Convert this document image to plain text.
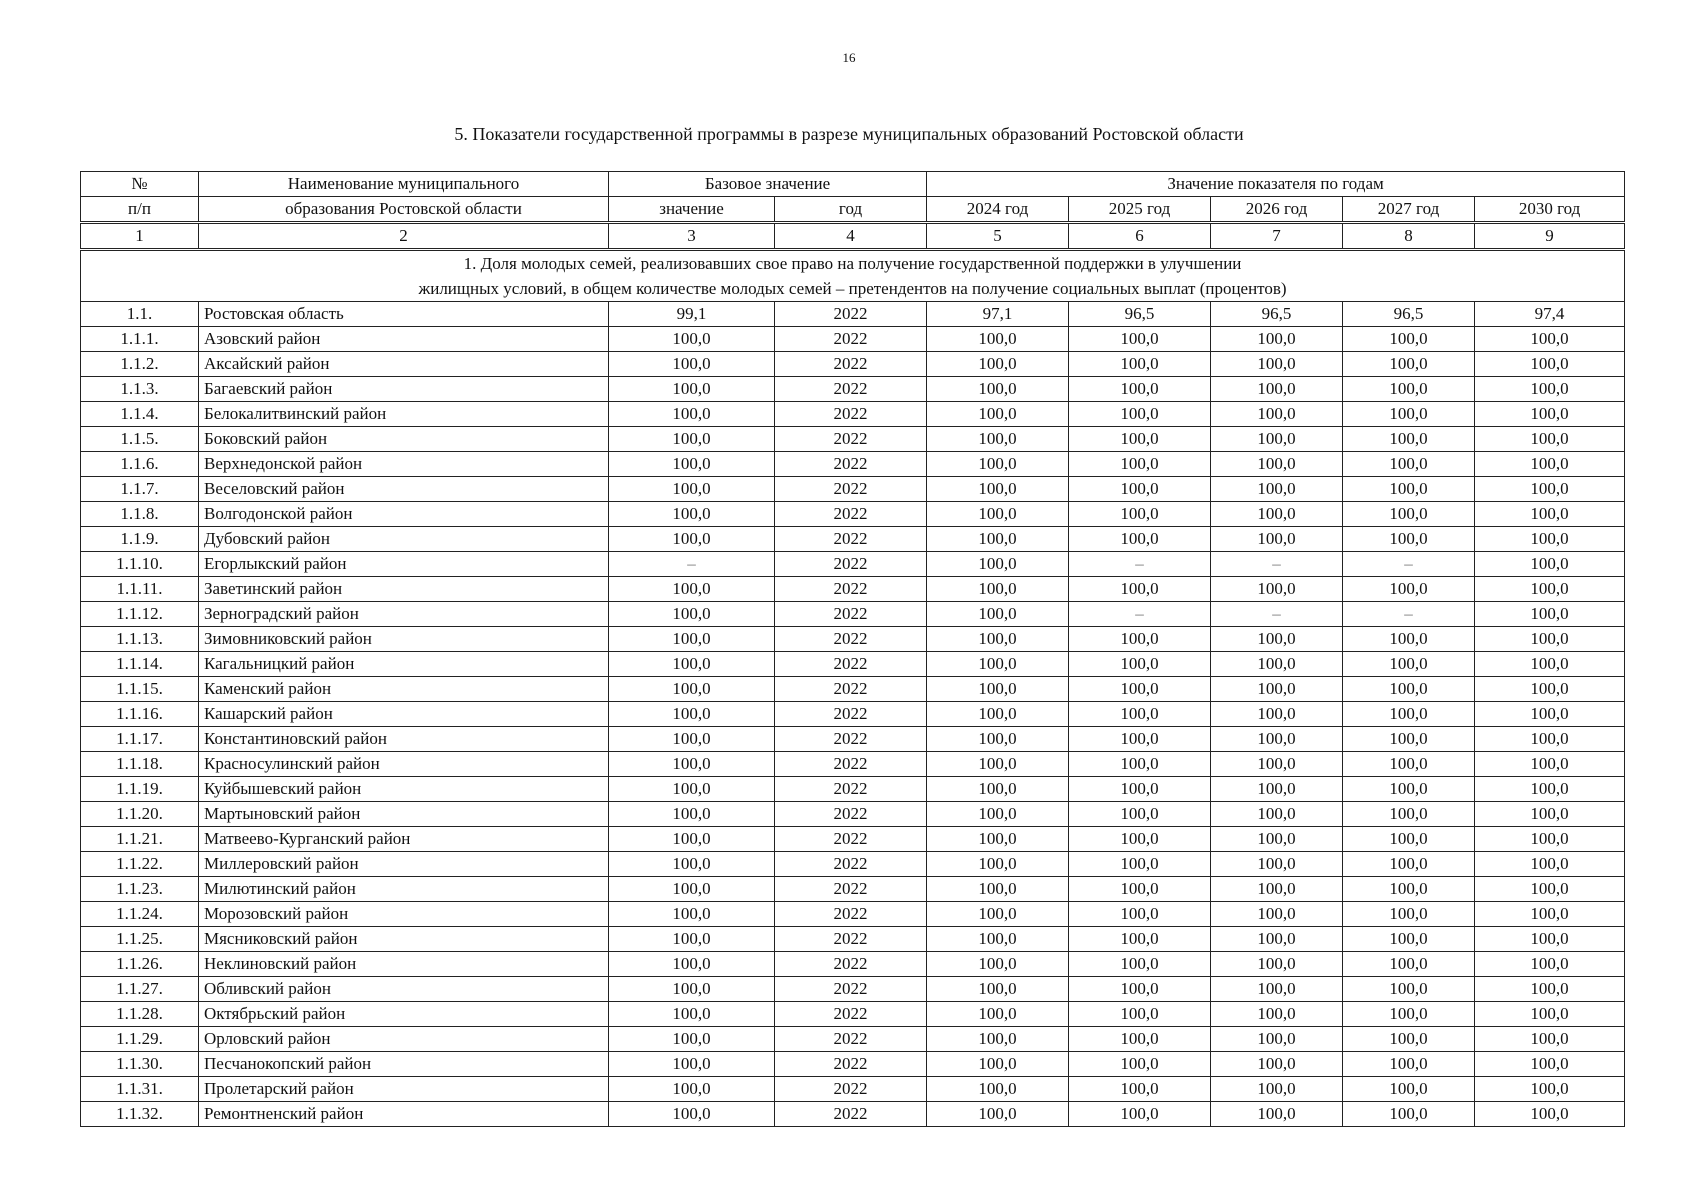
16
5. Показатели государственной программы в разрезе муниципальных образований Ростовской области
№	Наименование муниципального	Базовое значение		Значение показателя по годам				
п/п	образования Ростовской области	значение	год	2024 год	2025 год	2026 год	2027 год	2030 год
1	2	3	4	5	6	7	8	9
1. Доля молодых семей, реализовавших свое право на получение государственной поддержки в улучшении
жилищных условий, в общем количестве молодых семей – претендентов на получение социальных выплат (процентов)								
1.1.	Ростовская область	99,1	2022	97,1	96,5	96,5	96,5	97,4
1.1.1.	Азовский район	100,0	2022	100,0	100,0	100,0	100,0	100,0
1.1.2.	Аксайский район	100,0	2022	100,0	100,0	100,0	100,0	100,0
1.1.3.	Багаевский район	100,0	2022	100,0	100,0	100,0	100,0	100,0
1.1.4.	Белокалитвинский район	100,0	2022	100,0	100,0	100,0	100,0	100,0
1.1.5.	Боковский район	100,0	2022	100,0	100,0	100,0	100,0	100,0
1.1.6.	Верхнедонской район	100,0	2022	100,0	100,0	100,0	100,0	100,0
1.1.7.	Веселовский район	100,0	2022	100,0	100,0	100,0	100,0	100,0
1.1.8.	Волгодонской район	100,0	2022	100,0	100,0	100,0	100,0	100,0
1.1.9.	Дубовский район	100,0	2022	100,0	100,0	100,0	100,0	100,0
1.1.10.	Егорлыкский район	–	2022	100,0	–	–	–	100,0
1.1.11.	Заветинский район	100,0	2022	100,0	100,0	100,0	100,0	100,0
1.1.12.	Зерноградский район	100,0	2022	100,0	–	–	–	100,0
1.1.13.	Зимовниковский район	100,0	2022	100,0	100,0	100,0	100,0	100,0
1.1.14.	Кагальницкий район	100,0	2022	100,0	100,0	100,0	100,0	100,0
1.1.15.	Каменский район	100,0	2022	100,0	100,0	100,0	100,0	100,0
1.1.16.	Кашарский район	100,0	2022	100,0	100,0	100,0	100,0	100,0
1.1.17.	Константиновский район	100,0	2022	100,0	100,0	100,0	100,0	100,0
1.1.18.	Красносулинский район	100,0	2022	100,0	100,0	100,0	100,0	100,0
1.1.19.	Куйбышевский район	100,0	2022	100,0	100,0	100,0	100,0	100,0
1.1.20.	Мартыновский район	100,0	2022	100,0	100,0	100,0	100,0	100,0
1.1.21.	Матвеево-Курганский район	100,0	2022	100,0	100,0	100,0	100,0	100,0
1.1.22.	Миллеровский район	100,0	2022	100,0	100,0	100,0	100,0	100,0
1.1.23.	Милютинский район	100,0	2022	100,0	100,0	100,0	100,0	100,0
1.1.24.	Морозовский район	100,0	2022	100,0	100,0	100,0	100,0	100,0
1.1.25.	Мясниковский район	100,0	2022	100,0	100,0	100,0	100,0	100,0
1.1.26.	Неклиновский район	100,0	2022	100,0	100,0	100,0	100,0	100,0
1.1.27.	Обливский район	100,0	2022	100,0	100,0	100,0	100,0	100,0
1.1.28.	Октябрьский район	100,0	2022	100,0	100,0	100,0	100,0	100,0
1.1.29.	Орловский район	100,0	2022	100,0	100,0	100,0	100,0	100,0
1.1.30.	Песчанокопский район	100,0	2022	100,0	100,0	100,0	100,0	100,0
1.1.31.	Пролетарский район	100,0	2022	100,0	100,0	100,0	100,0	100,0
1.1.32.	Ремонтненский район	100,0	2022	100,0	100,0	100,0	100,0	100,0
